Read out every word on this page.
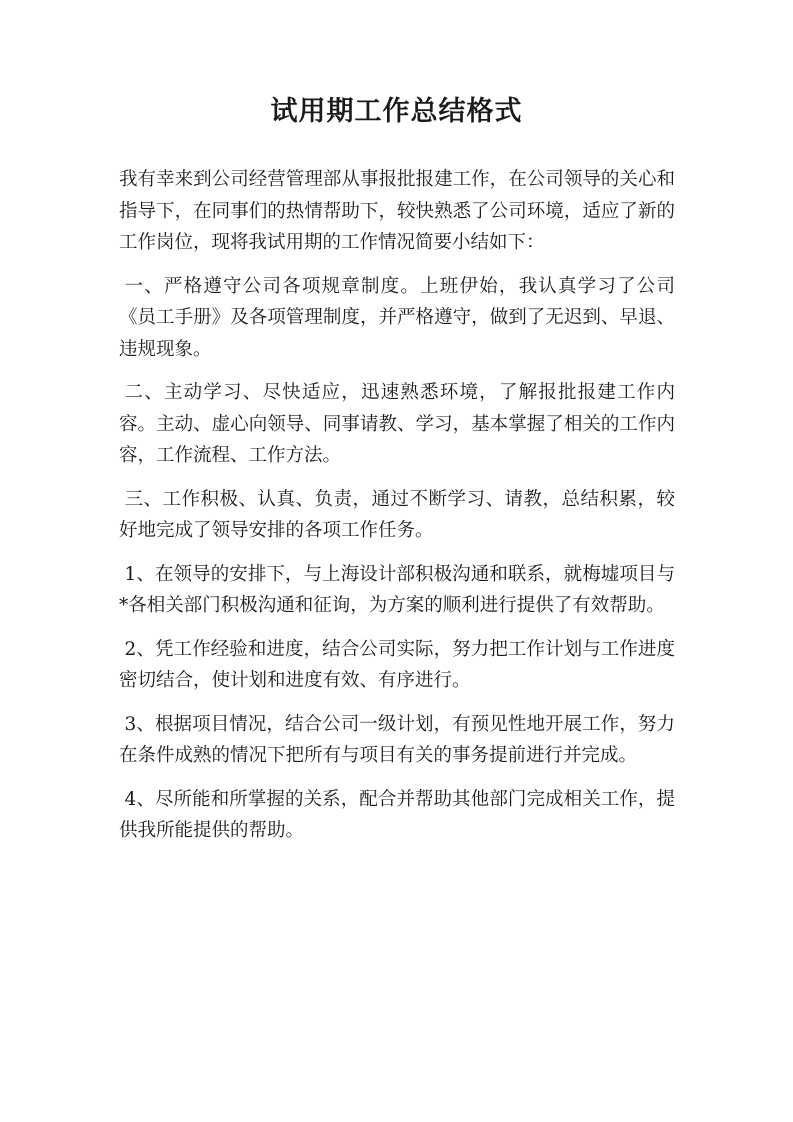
试用期工作总结格式

我有幸来到公司经营管理部从事报批报建工作，在公司领导的关心和指导下，在同事们的热情帮助下，较快熟悉了公司环境，适应了新的工作岗位，现将我试用期的工作情况简要小结如下：

一、严格遵守公司各项规章制度。上班伊始，我认真学习了公司《员工手册》及各项管理制度，并严格遵守，做到了无迟到、早退、违规现象。

二、主动学习、尽快适应，迅速熟悉环境，了解报批报建工作内容。主动、虚心向领导、同事请教、学习，基本掌握了相关的工作内容，工作流程、工作方法。

三、工作积极、认真、负责，通过不断学习、请教，总结积累，较好地完成了领导安排的各项工作任务。

1、在领导的安排下，与上海设计部积极沟通和联系，就梅墟项目与*各相关部门积极沟通和征询，为方案的顺利进行提供了有效帮助。

2、凭工作经验和进度，结合公司实际，努力把工作计划与工作进度密切结合，使计划和进度有效、有序进行。

3、根据项目情况，结合公司一级计划，有预见性地开展工作，努力在条件成熟的情况下把所有与项目有关的事务提前进行并完成。

4、尽所能和所掌握的关系，配合并帮助其他部门完成相关工作，提供我所能提供的帮助。
